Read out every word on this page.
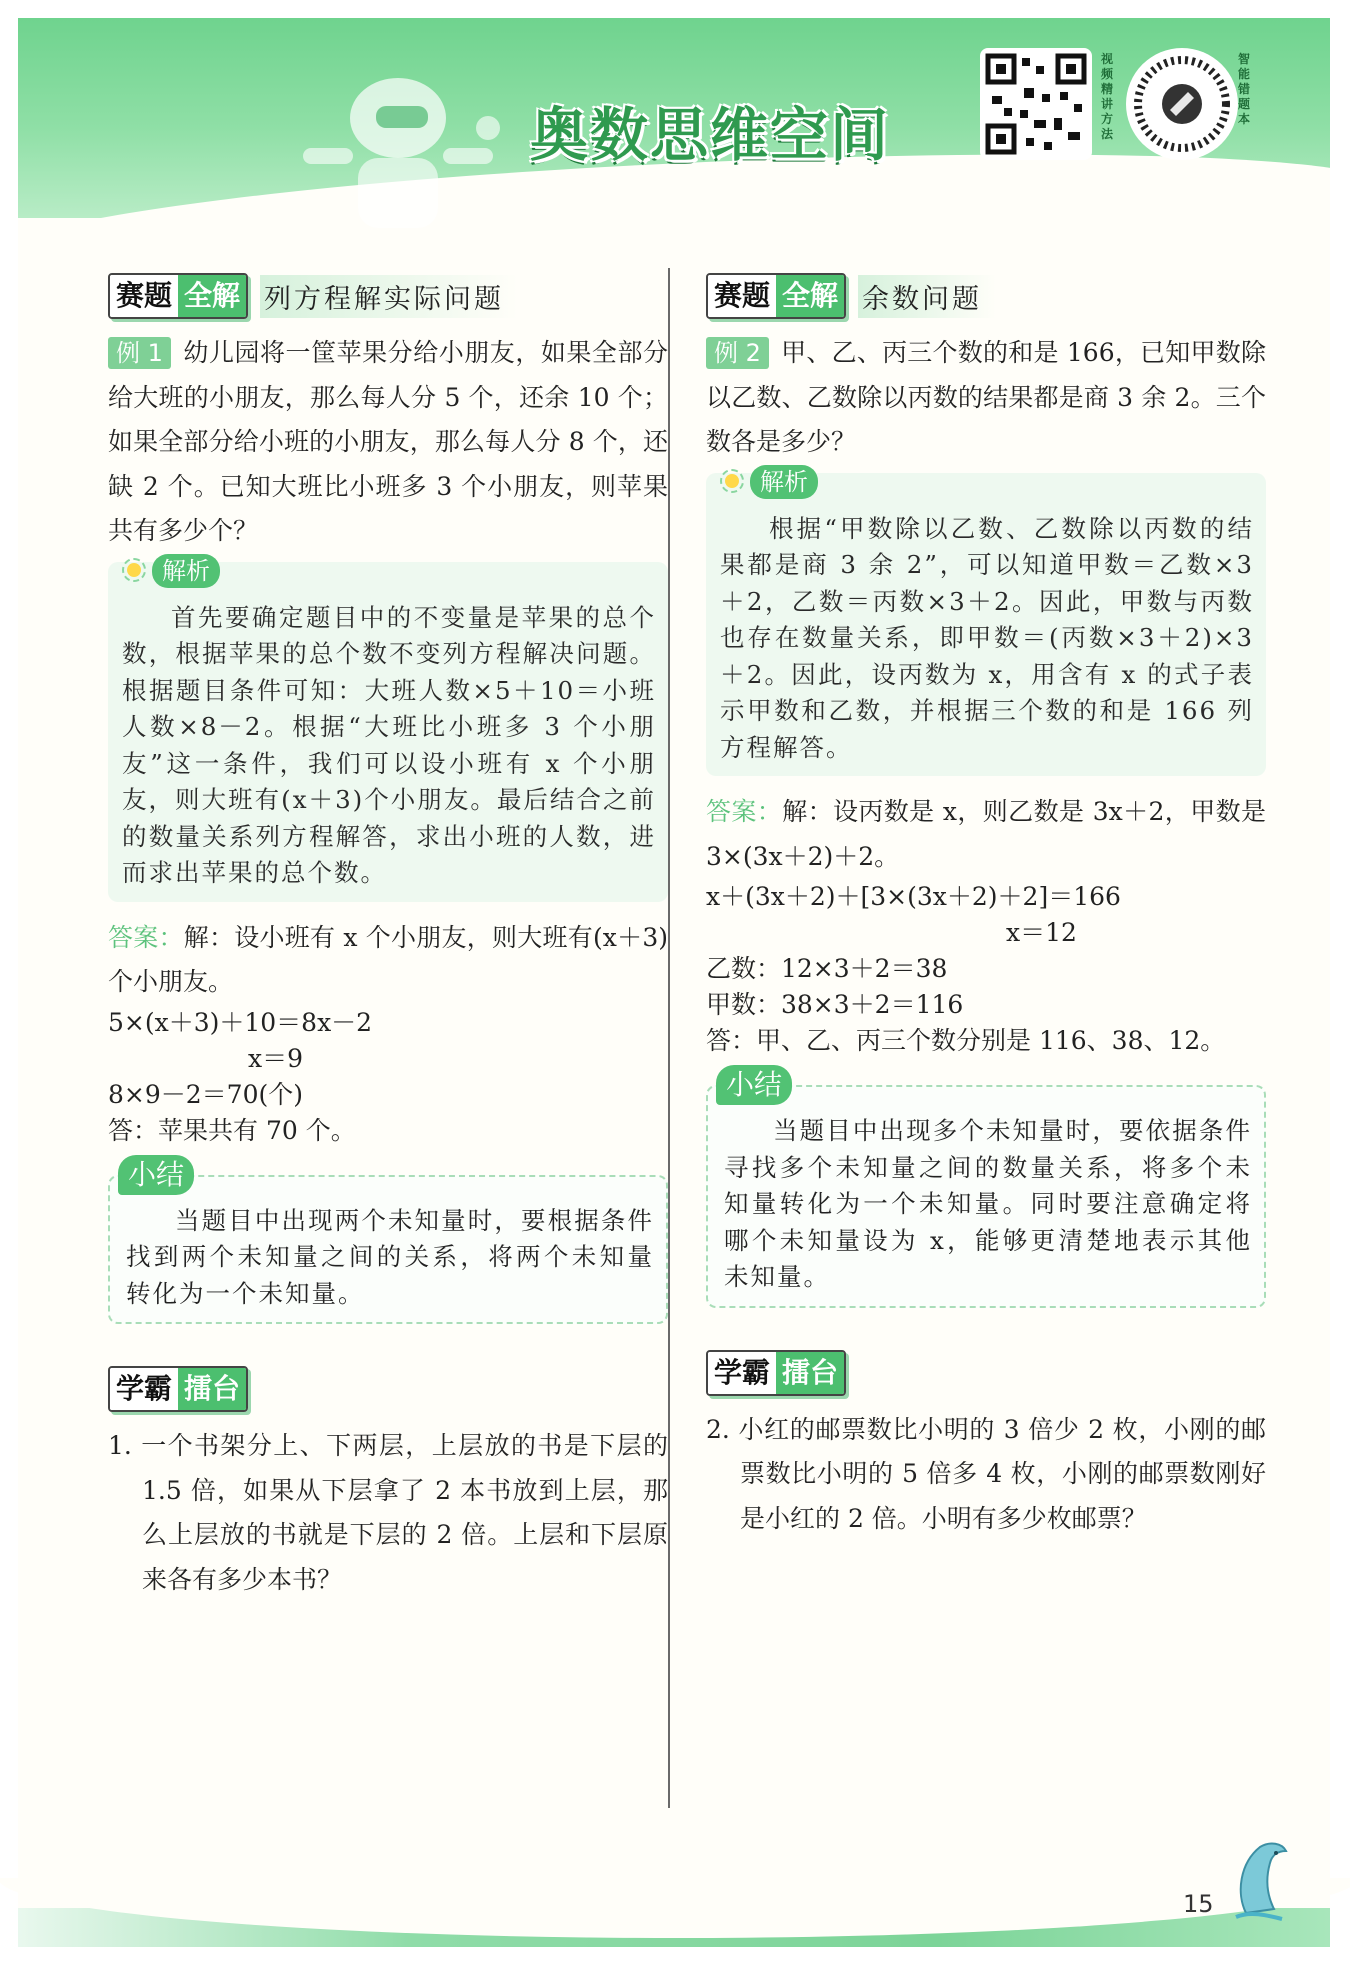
奥数思维空间
视频精讲方法
智能错题本
赛题 全解 列方程解实际问题

例 1 幼儿园将一筐苹果分给小朋友，如果全部分给大班的小朋友，那么每人分 5 个，还余 10 个；如果全部分给小班的小朋友，那么每人分 8 个，还缺 2 个。已知大班比小班多 3 个小朋友，则苹果共有多少个？

解析

首先要确定题目中的不变量是苹果的总个数，根据苹果的总个数不变列方程解决问题。根据题目条件可知：大班人数×5＋10＝小班人数×8－2。根据“大班比小班多 3 个小朋友”这一条件，我们可以设小班有 x 个小朋友，则大班有(x＋3)个小朋友。最后结合之前的数量关系列方程解答，求出小班的人数，进而求出苹果的总个数。

答案：解：设小班有 x 个小朋友，则大班有(x＋3)个小朋友。

5×(x＋3)＋10＝8x－2

x＝9

8×9－2＝70(个)

答：苹果共有 70 个。

小结

当题目中出现两个未知量时，要根据条件找到两个未知量之间的关系，将两个未知量转化为一个未知量。

学霸 擂台

1. 一个书架分上、下两层，上层放的书是下层的 1.5 倍，如果从下层拿了 2 本书放到上层，那么上层放的书就是下层的 2 倍。上层和下层原来各有多少本书？

赛题 全解 余数问题

例 2 甲、乙、丙三个数的和是 166，已知甲数除以乙数、乙数除以丙数的结果都是商 3 余 2。三个数各是多少？

解析

根据“甲数除以乙数、乙数除以丙数的结果都是商 3 余 2”，可以知道甲数＝乙数×3＋2，乙数＝丙数×3＋2。因此，甲数与丙数也存在数量关系，即甲数＝(丙数×3＋2)×3＋2。因此，设丙数为 x，用含有 x 的式子表示甲数和乙数，并根据三个数的和是 166 列方程解答。

答案：解：设丙数是 x，则乙数是 3x＋2，甲数是 3×(3x＋2)＋2。

x＋(3x＋2)＋[3×(3x＋2)＋2]＝166

x＝12

乙数：12×3＋2＝38

甲数：38×3＋2＝116

答：甲、乙、丙三个数分别是 116、38、12。

小结

当题目中出现多个未知量时，要依据条件寻找多个未知量之间的数量关系，将多个未知量转化为一个未知量。同时要注意确定将哪个未知量设为 x，能够更清楚地表示其他未知量。

学霸 擂台

2. 小红的邮票数比小明的 3 倍少 2 枚，小刚的邮票数比小明的 5 倍多 4 枚，小刚的邮票数刚好是小红的 2 倍。小明有多少枚邮票？

15
